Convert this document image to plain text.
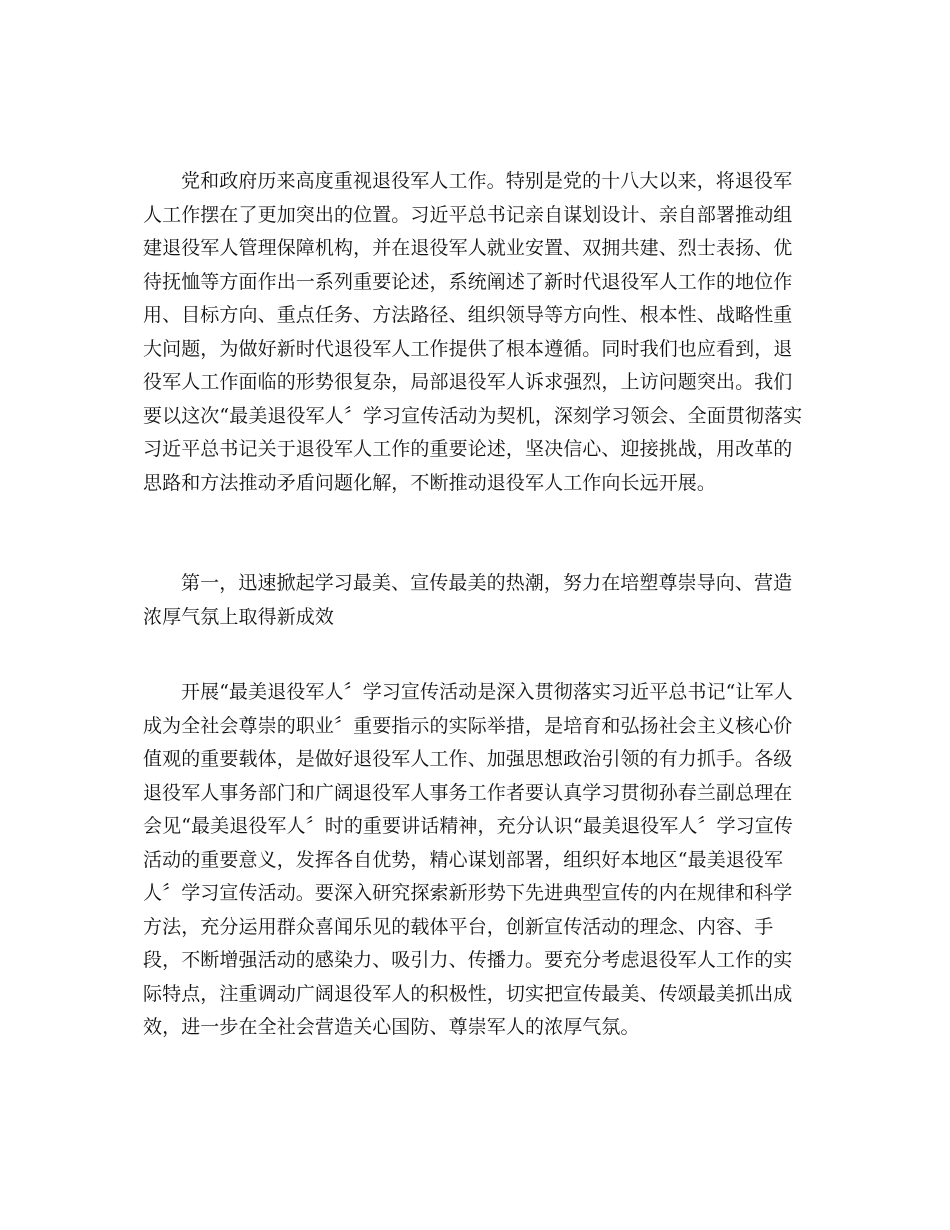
党和政府历来高度重视退役军人工作。特别是党的十八大以来，将退役军人工作摆在了更加突出的位置。习近平总书记亲自谋划设计、亲自部署推动组建退役军人管理保障机构，并在退役军人就业安置、双拥共建、烈士表扬、优待抚恤等方面作出一系列重要论述，系统阐述了新时代退役军人工作的地位作用、目标方向、重点任务、方法路径、组织领导等方向性、根本性、战略性重大问题，为做好新时代退役军人工作提供了根本遵循。同时我们也应看到，退役军人工作面临的形势很复杂，局部退役军人诉求强烈，上访问题突出。我们要以这次“最美退役军人〞学习宣传活动为契机，深刻学习领会、全面贯彻落实习近平总书记关于退役军人工作的重要论述，坚决信心、迎接挑战，用改革的思路和方法推动矛盾问题化解，不断推动退役军人工作向长远开展。

第一，迅速掀起学习最美、宣传最美的热潮，努力在培塑尊崇导向、营造浓厚气氛上取得新成效

开展“最美退役军人〞学习宣传活动是深入贯彻落实习近平总书记“让军人成为全社会尊崇的职业〞重要指示的实际举措，是培育和弘扬社会主义核心价值观的重要载体，是做好退役军人工作、加强思想政治引领的有力抓手。各级退役军人事务部门和广阔退役军人事务工作者要认真学习贯彻孙春兰副总理在会见“最美退役军人〞时的重要讲话精神，充分认识“最美退役军人〞学习宣传活动的重要意义，发挥各自优势，精心谋划部署，组织好本地区“最美退役军人〞学习宣传活动。要深入研究探索新形势下先进典型宣传的内在规律和科学方法，充分运用群众喜闻乐见的载体平台，创新宣传活动的理念、内容、手段，不断增强活动的感染力、吸引力、传播力。要充分考虑退役军人工作的实际特点，注重调动广阔退役军人的积极性，切实把宣传最美、传颂最美抓出成效，进一步在全社会营造关心国防、尊崇军人的浓厚气氛。
